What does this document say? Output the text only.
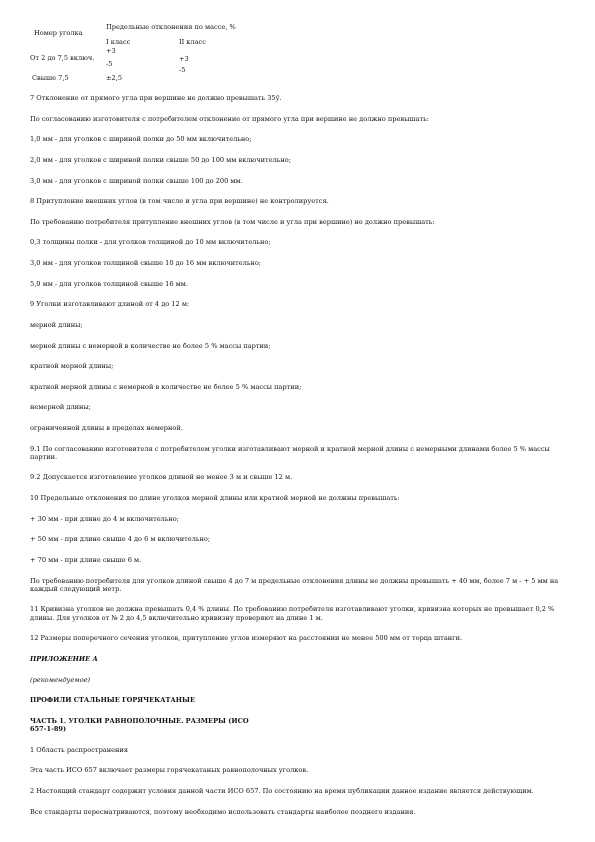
Номер уголка
Предельные отклонения по массе, %
I класс	II класс
От 2 до 7,5 включ.
+3
-5
+3
-5
Свыше 7,5	±2,5

7 Отклонение от прямого угла при вершине не должно превышать 35ў.

По согласованию изготовителя с потребителем отклонение от прямого угла при вершине не должно превышать:

1,0 мм - для уголков с шириной полки до 50 мм включительно;

2,0 мм - для уголков с шириной полки свыше 50 до 100 мм включительно;

3,0 мм - для уголков с шириной полки свыше 100 до 200 мм.

8 Притупление внешних углов (в том числе и угла при вершине) не контролируется.

По требованию потребителя притупление внешних углов (в том числе и угла при вершине) не должно превышать:

0,3 толщины полки - для уголков толщиной до 10 мм включительно;

3,0 мм - для уголков толщиной свыше 10 до 16 мм включительно;

5,0 мм - для уголков толщиной свыше 16 мм.

9 Уголки изготавливают длиной от 4 до 12 м:

мерной длины;

мерной длины с немерной в количестве не более 5 % массы партии;

кратной мерной длины;

кратной мерной длины с немерной в количестве не более 5 % массы партии;

немерной длины;

ограниченной длины в пределах немерной.

9.1 По согласованию изготовителя с потребителем уголки изготавливают мерной и кратной мерной длины с немерными длинами более 5 % массы партии.

9.2 Допускается изготовление уголков длиной не менее 3 м и свыше 12 м.

10 Предельные отклонения по длине уголков мерной длины или кратной мерной не должны превышать:

+ 30 мм - при длине до 4 м включительно;

+ 50 мм - при длине свыше 4 до 6 м включительно;

+ 70 мм - при длине свыше 6 м.

По требованию потребителя для уголков длиной свыше 4 до 7 м предельные отклонения длины не должны превышать + 40 мм, более 7 м - + 5 мм на каждый следующий метр.

11 Кривизна уголков не должна превышать 0,4 % длины. По требованию потребителя изготавливают уголки, кривизна которых не превышает 0,2 % длины. Для уголков от № 2 до 4,5 включительно кривизну проверяют на длине 1 м.

12 Размеры поперечного сечения уголков, притупление углов измеряют на расстоянии не менее 500 мм от торца штанги.

ПРИЛОЖЕНИЕ А

(рекомендуемое)

ПРОФИЛИ СТАЛЬНЫЕ ГОРЯЧЕКАТАНЫЕ

ЧАСТЬ 1. УГОЛКИ РАВНОПОЛОЧНЫЕ. РАЗМЕРЫ (ИСО 657-1-89)

1 Область распространения

Эта часть ИСО 657 включает размеры горячекатаных равнополочных уголков.

2 Настоящий стандарт содержит условия данной части ИСО 657. По состоянию на время публикации данное издание является действующим.

Все стандарты пересматриваются, поэтому необходимо использовать стандарты наиболее позднего издания.
